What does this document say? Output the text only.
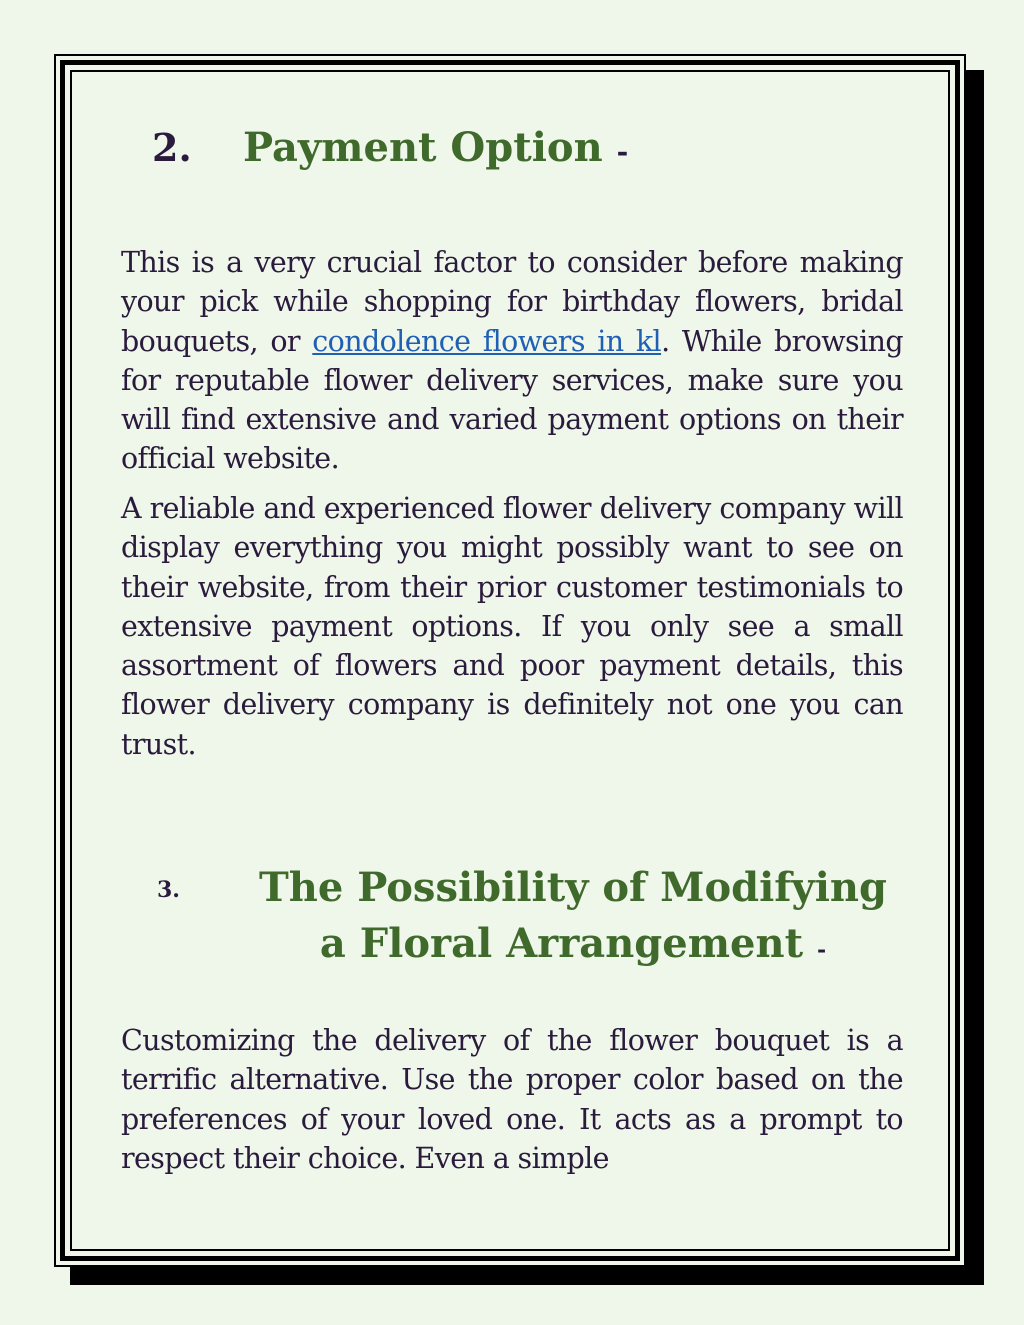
2. Payment Option -

This is a very crucial factor to consider before making your pick while shopping for birthday flowers, bridal bouquets, or condolence flowers in kl. While browsing for reputable flower delivery services, make sure you will find extensive and varied payment options on their official website.

A reliable and experienced flower delivery company will display everything you might possibly want to see on their website, from their prior customer testimonials to extensive payment options. If you only see a small assortment of flowers and poor payment details, this flower delivery company is definitely not one you can trust.

3.	The Possibility of Modifying
a Floral Arrangement -

Customizing the delivery of the flower bouquet is a terrific alternative. Use the proper color based on the preferences of your loved one. It acts as a prompt to respect their choice. Even a simple
